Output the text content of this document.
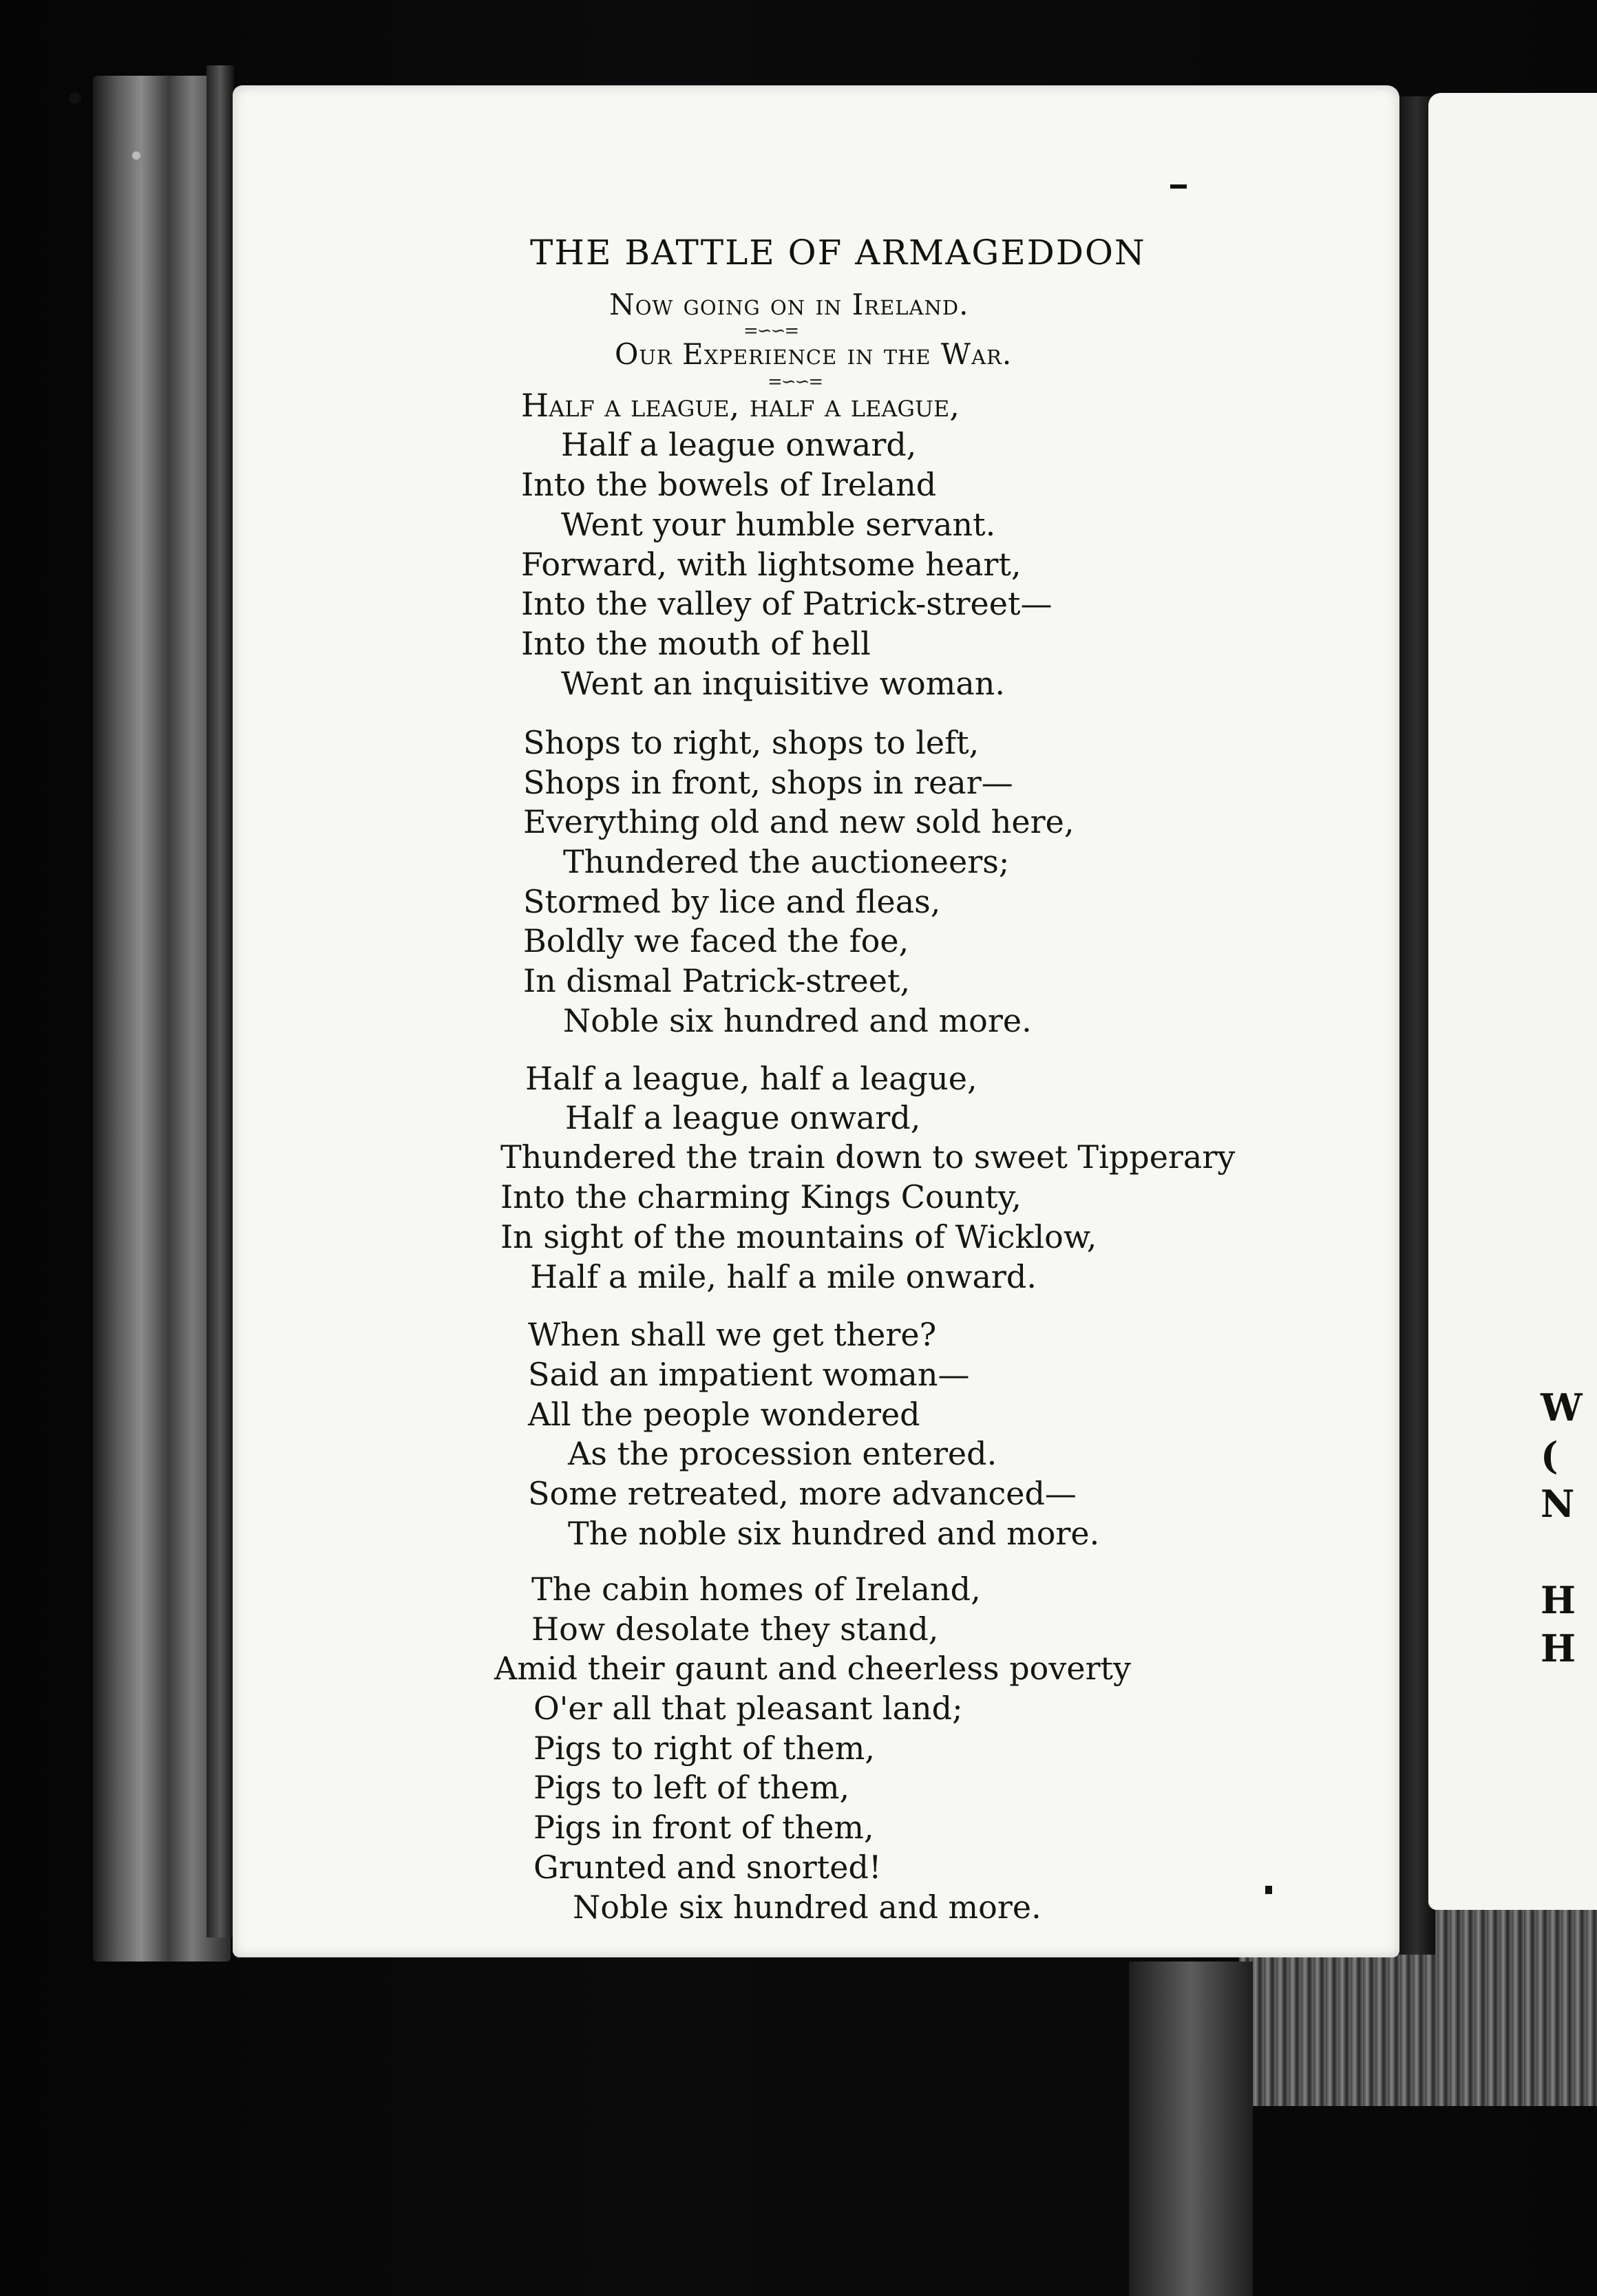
W
(
N
H
H
THE BATTLE OF ARMAGEDDON
Now going on in Ireland.
=∽∽=
Our Experience in the War.
=∽∽=
Half a league, half a league,
Half a league onward,
Into the bowels of Ireland
Went your humble servant.
Forward, with lightsome heart,
Into the valley of Patrick-street—
Into the mouth of hell
Went an inquisitive woman.
Shops to right, shops to left,
Shops in front, shops in rear—
Everything old and new sold here,
Thundered the auctioneers;
Stormed by lice and fleas,
Boldly we faced the foe,
In dismal Patrick-street,
Noble six hundred and more.
Half a league, half a league,
Half a league onward,
Thundered the train down to sweet Tipperary
Into the charming Kings County,
In sight of the mountains of Wicklow,
Half a mile, half a mile onward.
When shall we get there?
Said an impatient woman—
All the people wondered
As the procession entered.
Some retreated, more advanced—
The noble six hundred and more.
The cabin homes of Ireland,
How desolate they stand,
Amid their gaunt and cheerless poverty
O'er all that pleasant land;
Pigs to right of them,
Pigs to left of them,
Pigs in front of them,
Grunted and snorted!
Noble six hundred and more.
